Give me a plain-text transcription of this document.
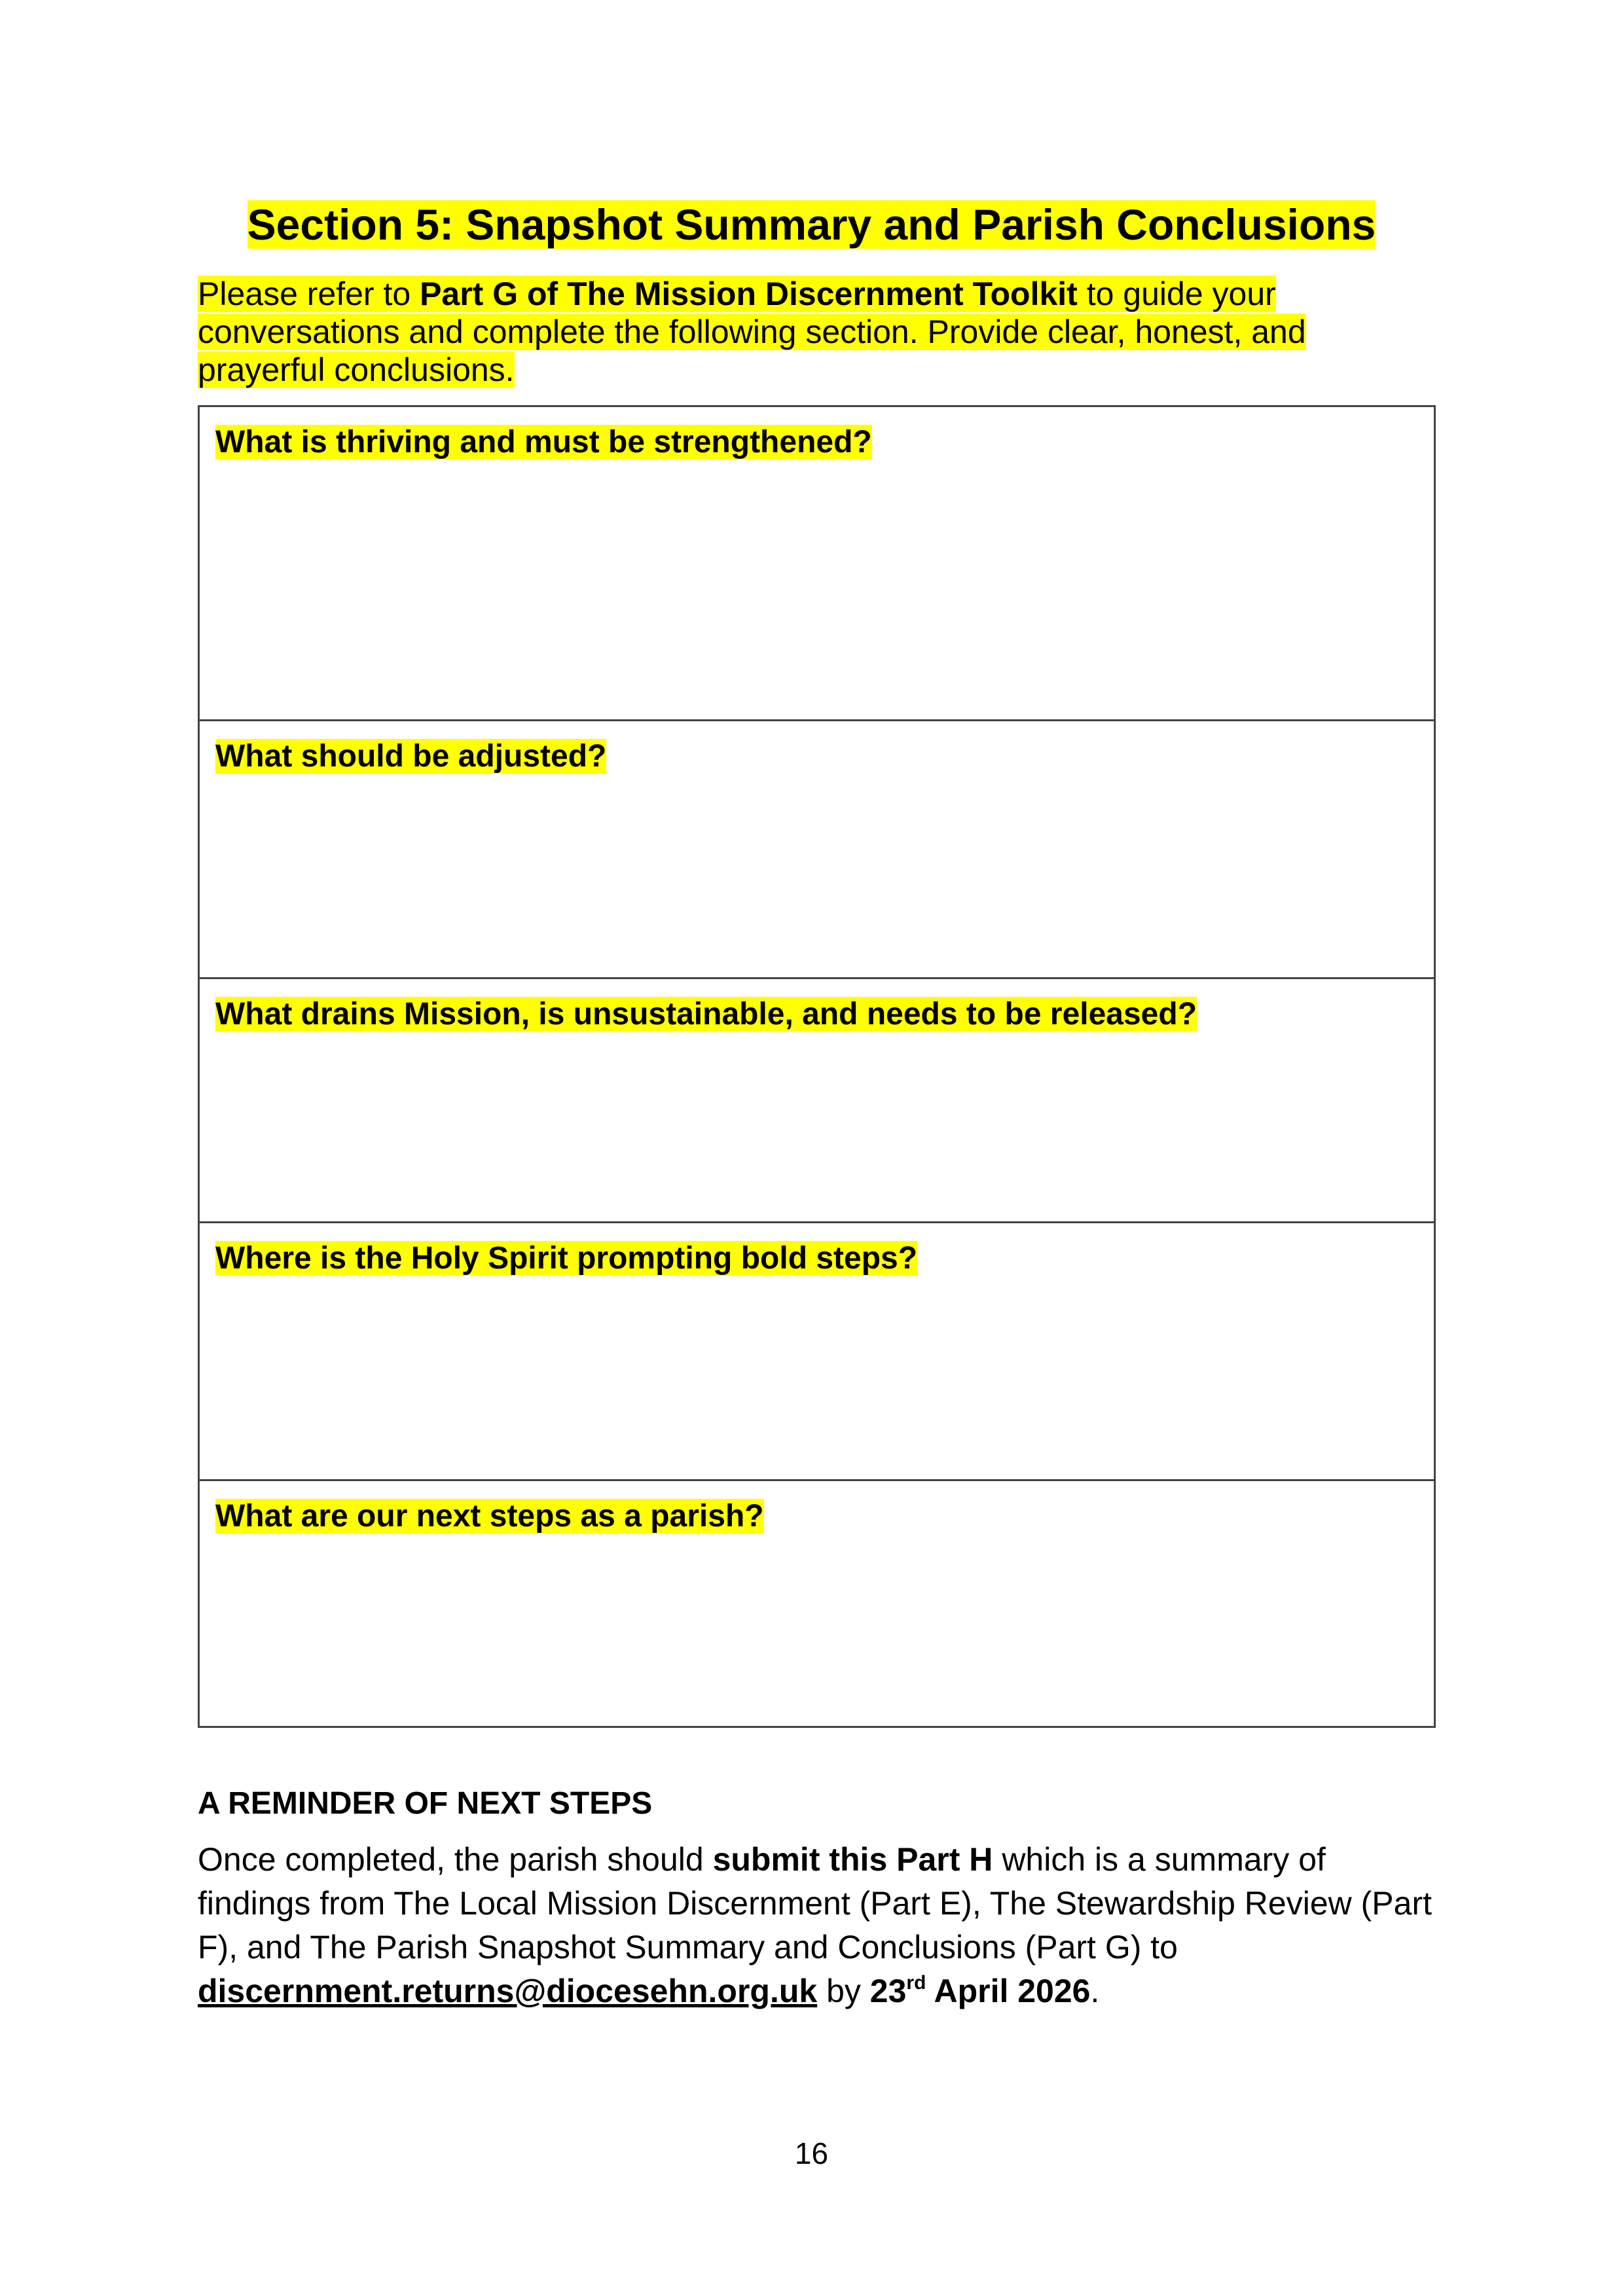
Section 5: Snapshot Summary and Parish Conclusions

Please refer to Part G of The Mission Discernment Toolkit to guide your conversations and complete the following section. Provide clear, honest, and prayerful conclusions.

What is thriving and must be strengthened?
What should be adjusted?
What drains Mission, is unsustainable, and needs to be released?
Where is the Holy Spirit prompting bold steps?
What are our next steps as a parish?
A REMINDER OF NEXT STEPS

Once completed, the parish should submit this Part H which is a summary of findings from The Local Mission Discernment (Part E), The Stewardship Review (Part F), and The Parish Snapshot Summary and Conclusions (Part G) to discernment.returns@diocesehn.org.uk by 23rd April 2026.

16
